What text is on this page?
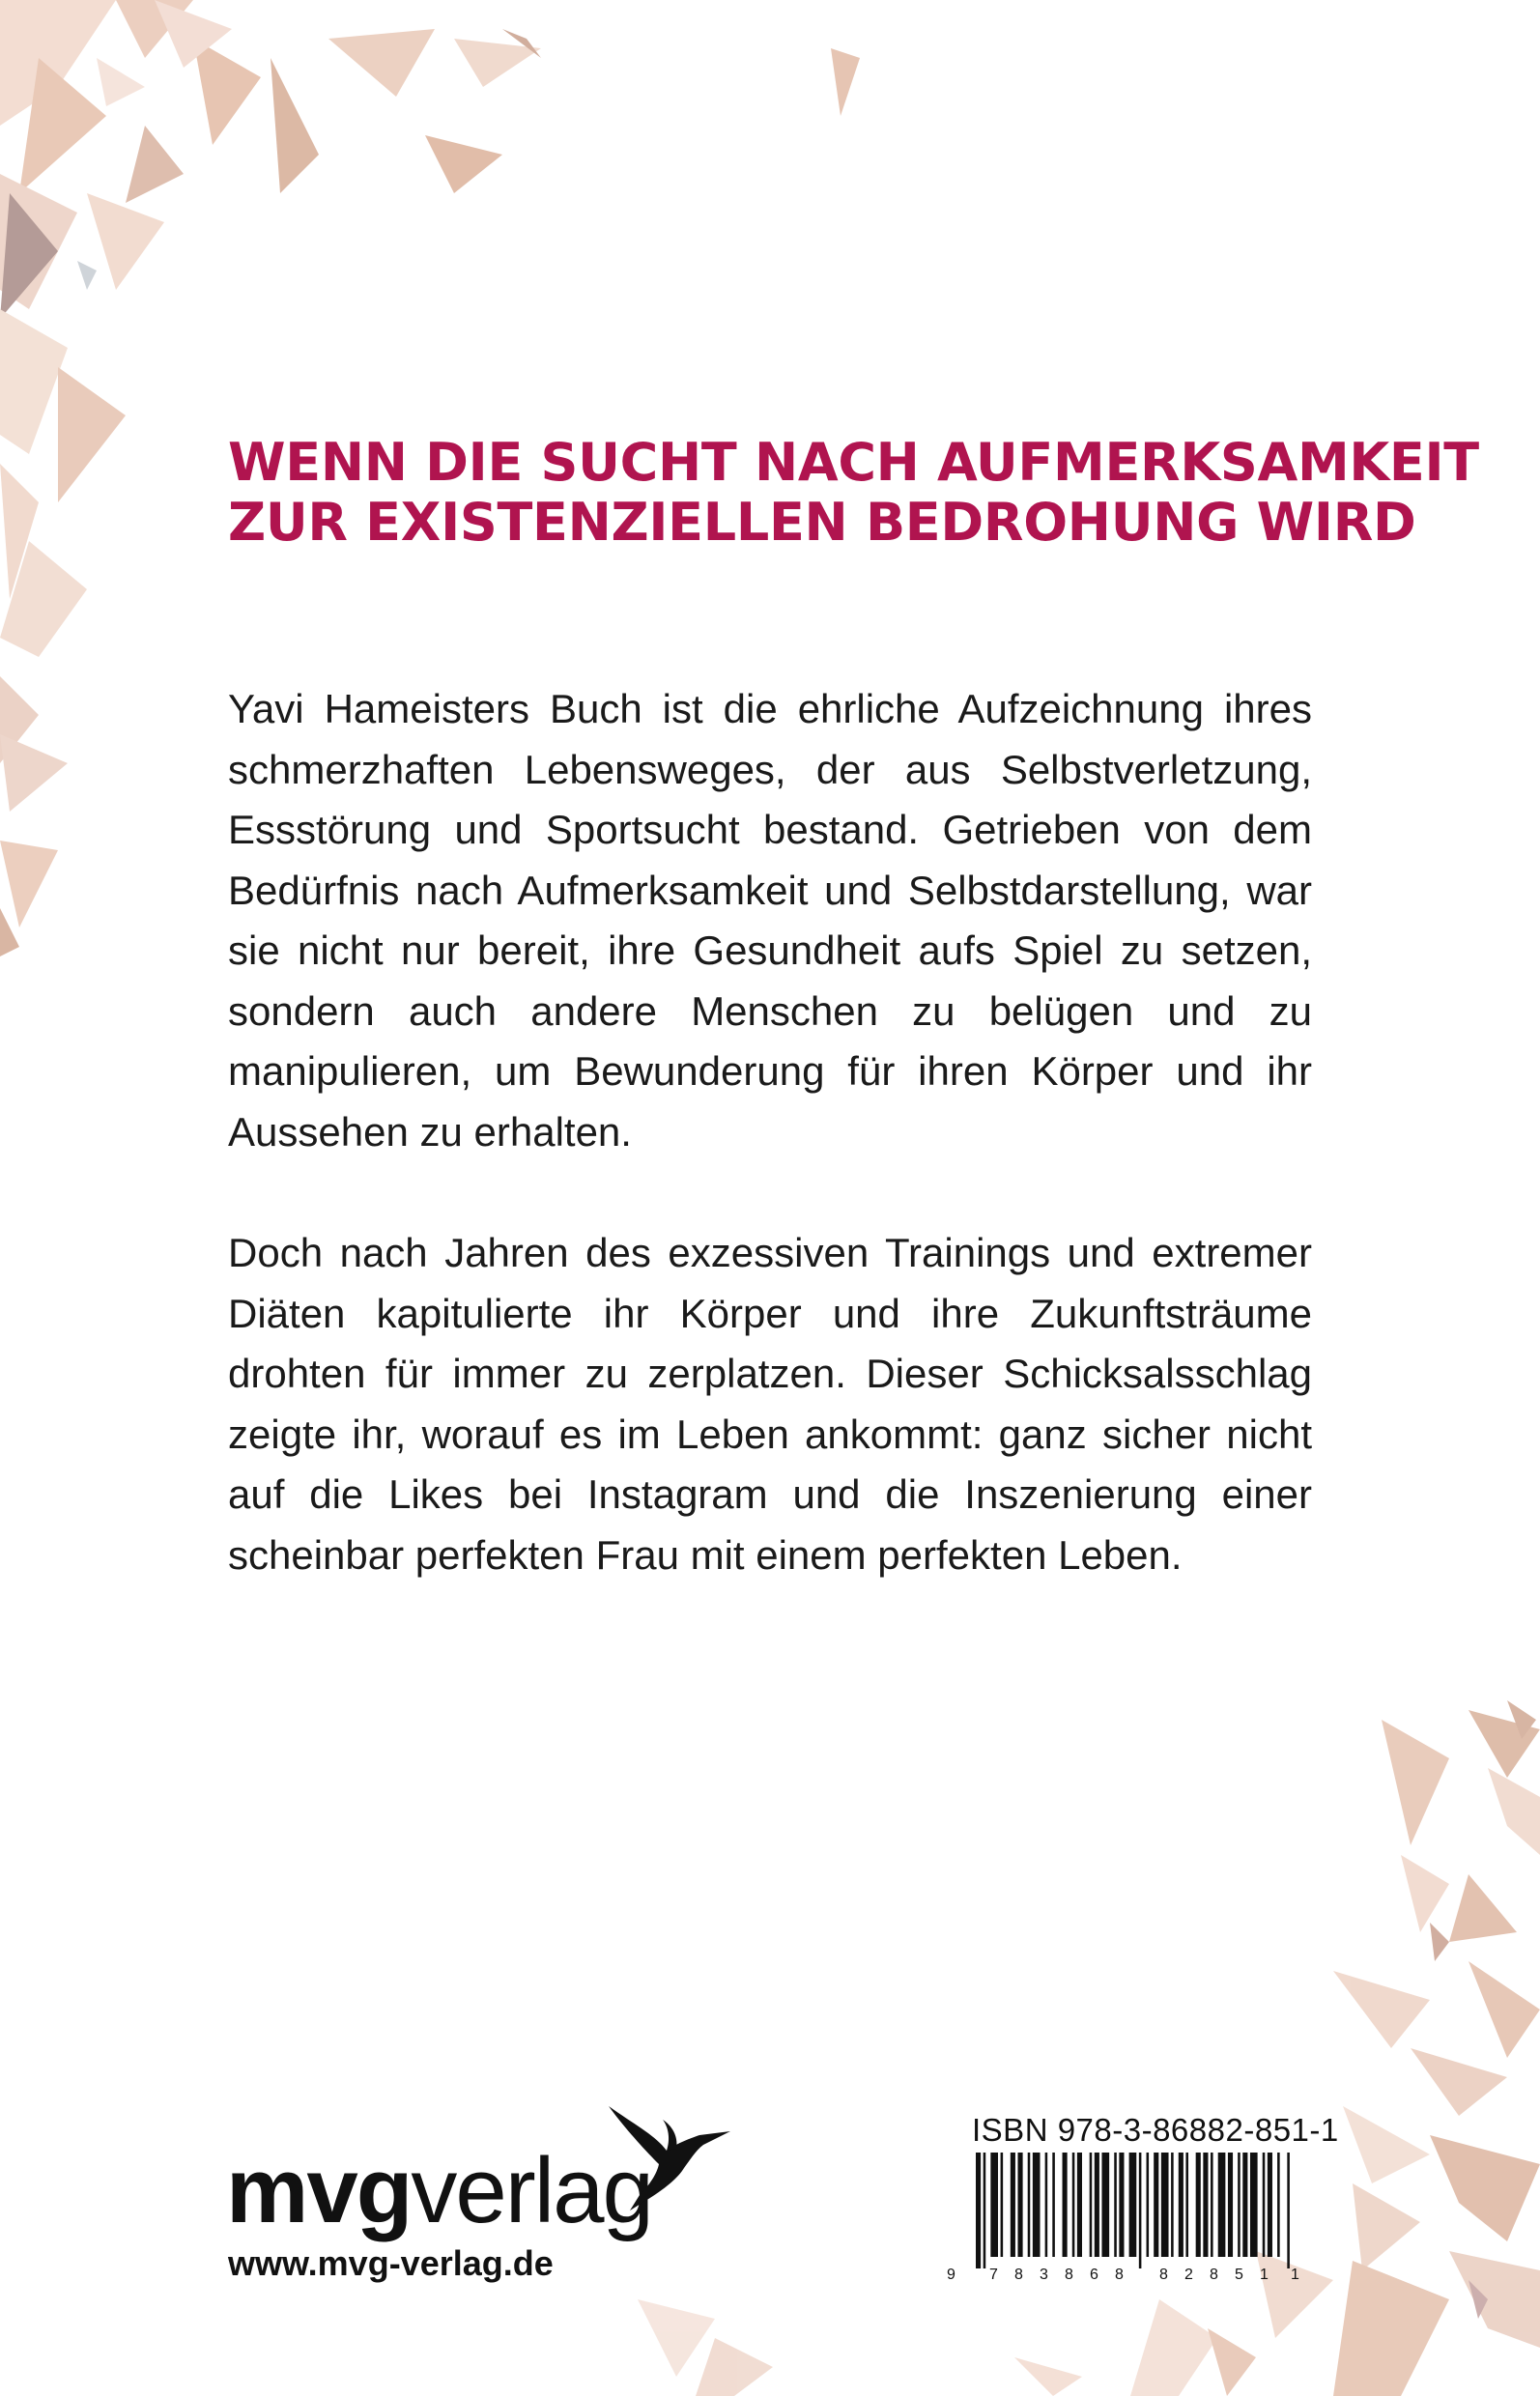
WENN DIE SUCHT NACH AUFMERKSAMKEIT
ZUR EXISTENZIELLEN BEDROHUNG WIRD

Yavi Hameisters Buch ist die ehrliche Aufzeichnung ihres schmerzhaften Lebensweges, der aus Selbstverletzung, Essstörung und Sportsucht bestand. Getrieben von dem Bedürfnis nach Aufmerksamkeit und Selbstdarstellung, war sie nicht nur bereit, ihre Gesundheit aufs Spiel zu setzen, sondern auch andere Menschen zu belügen und zu manipulieren, um Bewunderung für ihren Körper und ihr Aussehen zu erhalten.

Doch nach Jahren des exzessiven Trainings und extremer Diäten kapitulierte ihr Körper und ihre Zukunftsträume drohten für immer zu zerplatzen. Dieser Schicksalsschlag zeigte ihr, worauf es im Leben ankommt: ganz sicher nicht auf die Likes bei Instagram und die Inszenierung einer scheinbar perfekten Frau mit einem perfekten Leben.

mvgverlag
www.mvg-verlag.de
ISBN 978-3-86882-851-1
9 7 8 3 8 6 8 8 2 8 5 1 1
